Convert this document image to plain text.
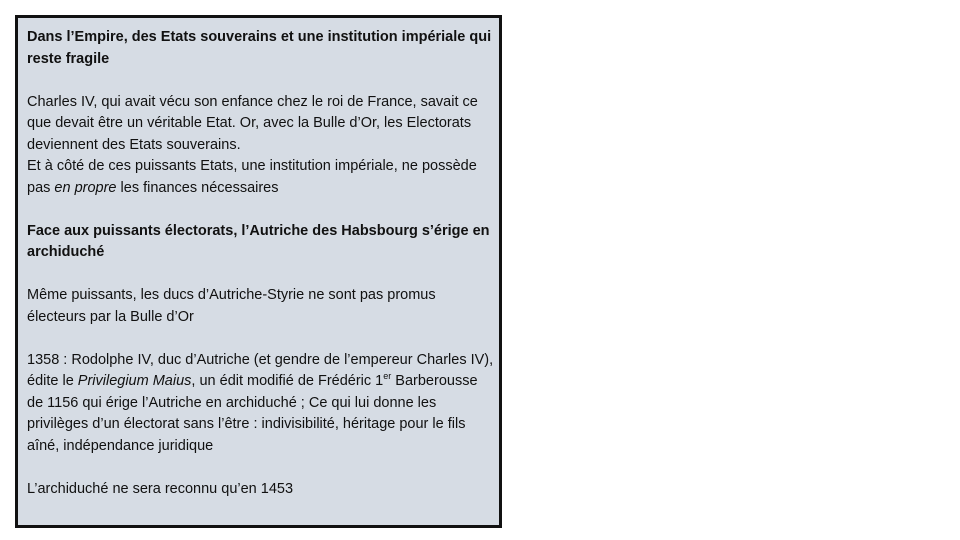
Dans l’Empire, des Etats souverains et une institution impériale qui reste fragile

Charles IV, qui avait vécu son enfance chez le roi de France, savait ce que devait être un véritable Etat. Or, avec la Bulle d’Or, les Electorats deviennent des Etats souverains.

Et à côté de ces puissants Etats, une institution impériale, ne possède pas en propre les finances nécessaires

Face aux puissants électorats, l’Autriche des Habsbourg s’érige en archiduché

Même puissants, les ducs d’Autriche-Styrie ne sont pas promus électeurs par la Bulle d’Or

1358 : Rodolphe IV, duc d’Autriche (et gendre de l’empereur Charles IV), édite le Privilegium Maius, un édit modifié de Frédéric 1er Barberousse de 1156 qui érige l’Autriche en archiduché ; Ce qui lui donne les privilèges d’un électorat sans l’être : indivisibilité, héritage pour le fils aîné, indépendance juridique

L’archiduché ne sera reconnu qu’en 1453
